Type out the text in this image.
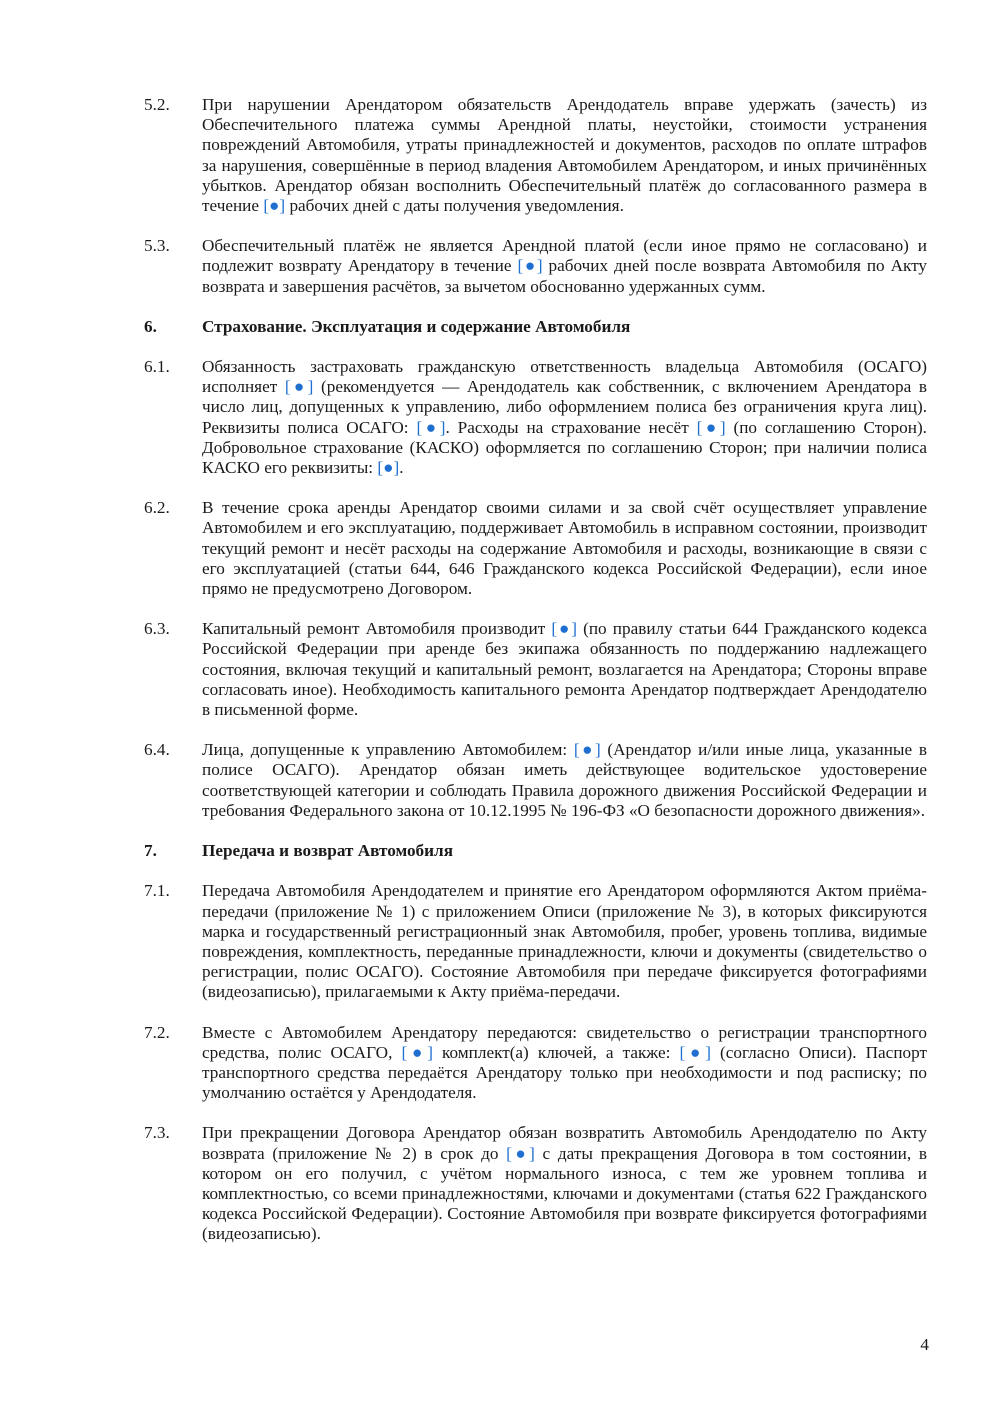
5.2.	При нарушении Арендатором обязательств Арендодатель вправе удержать (зачесть) из Обеспечительного платежа суммы Арендной платы, неустойки, стоимости устранения повреждений Автомобиля, утраты принадлежностей и документов, расходов по оплате штрафов за нарушения, совершённые в период владения Автомобилем Арендатором, и иных причинённых убытков. Арендатор обязан восполнить Обеспечительный платёж до согласованного размера в течение [●] рабочих дней с даты получения уведомления.
5.3.	Обеспечительный платёж не является Арендной платой (если иное прямо не согласовано) и подлежит возврату Арендатору в течение [●] рабочих дней после возврата Автомобиля по Акту возврата и завершения расчётов, за вычетом обоснованно удержанных сумм.
6.	Страхование. Эксплуатация и содержание Автомобиля
6.1.	Обязанность застраховать гражданскую ответственность владельца Автомобиля (ОСАГО) исполняет [●] (рекомендуется — Арендодатель как собственник, с включением Арендатора в число лиц, допущенных к управлению, либо оформлением полиса без ограничения круга лиц). Реквизиты полиса ОСАГО: [●]. Расходы на страхование несёт [●] (по соглашению Сторон). Добровольное страхование (КАСКО) оформляется по соглашению Сторон; при наличии полиса КАСКО его реквизиты: [●].
6.2.	В течение срока аренды Арендатор своими силами и за свой счёт осуществляет управление Автомобилем и его эксплуатацию, поддерживает Автомобиль в исправном состоянии, производит текущий ремонт и несёт расходы на содержание Автомобиля и расходы, возникающие в связи с его эксплуатацией (статьи 644, 646 Гражданского кодекса Российской Федерации), если иное прямо не предусмотрено Договором.
6.3.	Капитальный ремонт Автомобиля производит [●] (по правилу статьи 644 Гражданского кодекса Российской Федерации при аренде без экипажа обязанность по поддержанию надлежащего состояния, включая текущий и капитальный ремонт, возлагается на Арендатора; Стороны вправе согласовать иное). Необходимость капитального ремонта Арендатор подтверждает Арендодателю в письменной форме.
6.4.	Лица, допущенные к управлению Автомобилем: [●] (Арендатор и/или иные лица, указанные в полисе ОСАГО). Арендатор обязан иметь действующее водительское удостоверение соответствующей категории и соблюдать Правила дорожного движения Российской Федерации и требования Федерального закона от 10.12.1995 № 196-ФЗ «О безопасности дорожного движения».
7.	Передача и возврат Автомобиля
7.1.	Передача Автомобиля Арендодателем и принятие его Арендатором оформляются Актом приёма-передачи (приложение № 1) с приложением Описи (приложение № 3), в которых фиксируются марка и государственный регистрационный знак Автомобиля, пробег, уровень топлива, видимые повреждения, комплектность, переданные принадлежности, ключи и документы (свидетельство о регистрации, полис ОСАГО). Состояние Автомобиля при передаче фиксируется фотографиями (видеозаписью), прилагаемыми к Акту приёма-передачи.
7.2.	Вместе с Автомобилем Арендатору передаются: свидетельство о регистрации транспортного средства, полис ОСАГО, [●] комплект(а) ключей, а также: [●] (согласно Описи). Паспорт транспортного средства передаётся Арендатору только при необходимости и под расписку; по умолчанию остаётся у Арендодателя.
7.3.	При прекращении Договора Арендатор обязан возвратить Автомобиль Арендодателю по Акту возврата (приложение № 2) в срок до [●] с даты прекращения Договора в том состоянии, в котором он его получил, с учётом нормального износа, с тем же уровнем топлива и комплектностью, со всеми принадлежностями, ключами и документами (статья 622 Гражданского кодекса Российской Федерации). Состояние Автомобиля при возврате фиксируется фотографиями (видеозаписью).
4
